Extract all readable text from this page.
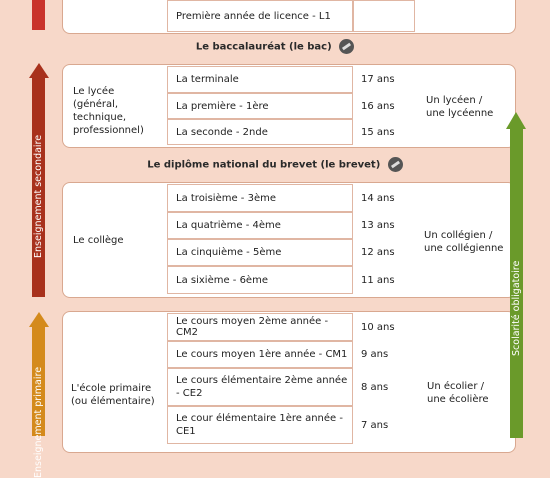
Première année de licence - L1
Le baccalauréat (le bac)
Le lycée (général, technique, professionnel)
La terminale
La première - 1ère
La seconde - 2nde
17 ans
16 ans
15 ans
Un lycéen / une lycéenne
Le diplôme national du brevet (le brevet)
Le collège
La troisième - 3ème
La quatrième - 4ème
La cinquième - 5ème
La sixième - 6ème
14 ans
13 ans
12 ans
11 ans
Un collégien / une collégienne
L'école primaire (ou élémentaire)
Le cours moyen 2ème année - CM2
Le cours moyen 1ère année - CM1
Le cours élémentaire 2ème année - CE2
Le cour élémentaire 1ère année - CE1
10 ans
9 ans
8 ans
7 ans
Un écolier / une écolière
Enseignement secondaire
Enseignement primaire
Scolarité obligatoire
